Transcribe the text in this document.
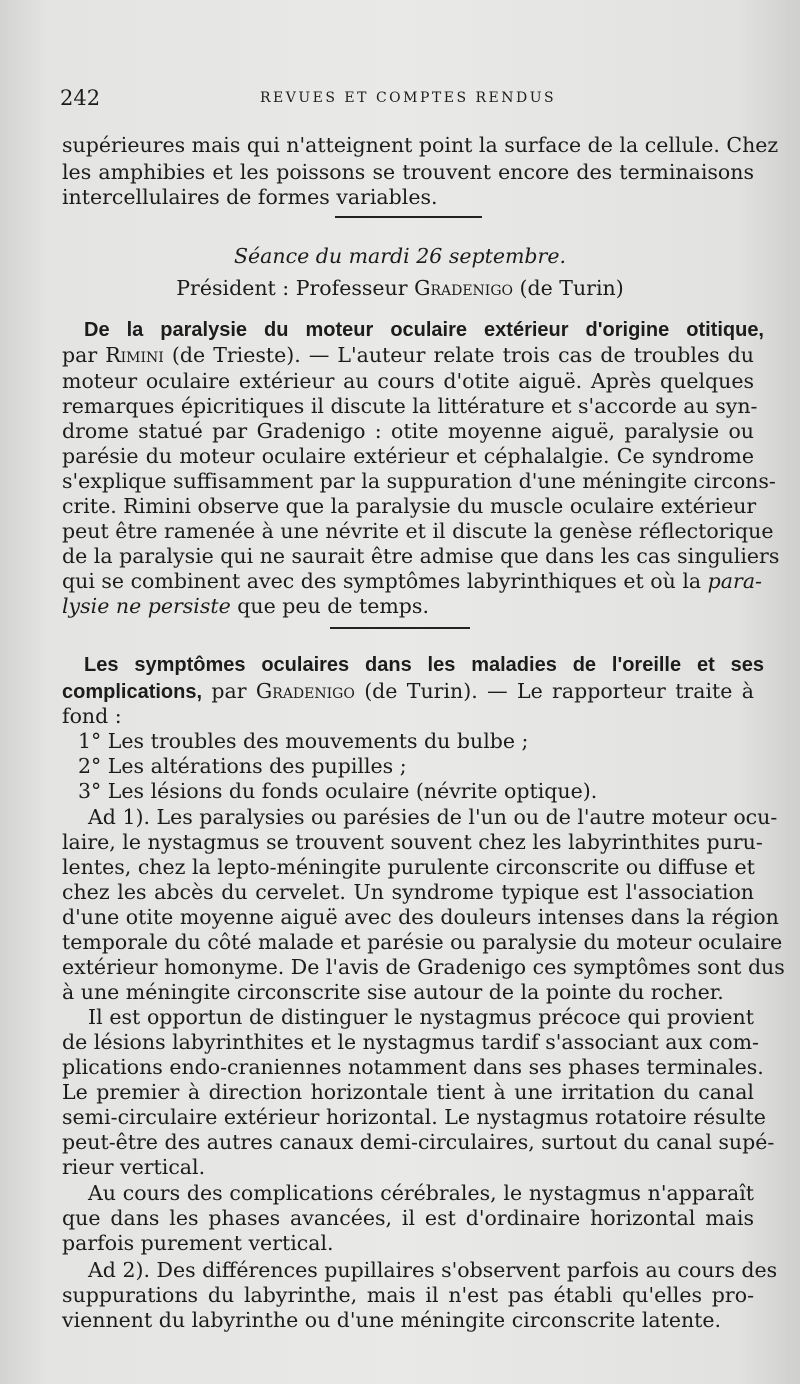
242	REVUES ET COMPTES RENDUS
supérieures mais qui n'atteignent point la surface de la cellule. Chez
les amphibies et les poissons se trouvent encore des terminaisons
intercellulaires de formes variables.
Séance du mardi 26 septembre.
Président : Professeur Gradenigo (de Turin)
De la paralysie du moteur oculaire extérieur d'origine otitique,
par Rimini (de Trieste). — L'auteur relate trois cas de troubles du
moteur oculaire extérieur au cours d'otite aiguë. Après quelques
remarques épicritiques il discute la littérature et s'accorde au syn-
drome statué par Gradenigo : otite moyenne aiguë, paralysie ou
parésie du moteur oculaire extérieur et céphalalgie. Ce syndrome
s'explique suffisamment par la suppuration d'une méningite circons-
crite. Rimini observe que la paralysie du muscle oculaire extérieur
peut être ramenée à une névrite et il discute la genèse réflectorique
de la paralysie qui ne saurait être admise que dans les cas singuliers
qui se combinent avec des symptômes labyrinthiques et où la para-
lysie ne persiste que peu de temps.
Les symptômes oculaires dans les maladies de l'oreille et ses
complications, par Gradenigo (de Turin). — Le rapporteur traite à
fond :
1° Les troubles des mouvements du bulbe ;
2° Les altérations des pupilles ;
3° Les lésions du fonds oculaire (névrite optique).
Ad 1). Les paralysies ou parésies de l'un ou de l'autre moteur ocu-
laire, le nystagmus se trouvent souvent chez les labyrinthites puru-
lentes, chez la lepto-méningite purulente circonscrite ou diffuse et
chez les abcès du cervelet. Un syndrome typique est l'association
d'une otite moyenne aiguë avec des douleurs intenses dans la région
temporale du côté malade et parésie ou paralysie du moteur oculaire
extérieur homonyme. De l'avis de Gradenigo ces symptômes sont dus
à une méningite circonscrite sise autour de la pointe du rocher.
Il est opportun de distinguer le nystagmus précoce qui provient
de lésions labyrinthites et le nystagmus tardif s'associant aux com-
plications endo-craniennes notamment dans ses phases terminales.
Le premier à direction horizontale tient à une irritation du canal
semi-circulaire extérieur horizontal. Le nystagmus rotatoire résulte
peut-être des autres canaux demi-circulaires, surtout du canal supé-
rieur vertical.
Au cours des complications cérébrales, le nystagmus n'apparaît
que dans les phases avancées, il est d'ordinaire horizontal mais
parfois purement vertical.
Ad 2). Des différences pupillaires s'observent parfois au cours des
suppurations du labyrinthe, mais il n'est pas établi qu'elles pro-
viennent du labyrinthe ou d'une méningite circonscrite latente.
